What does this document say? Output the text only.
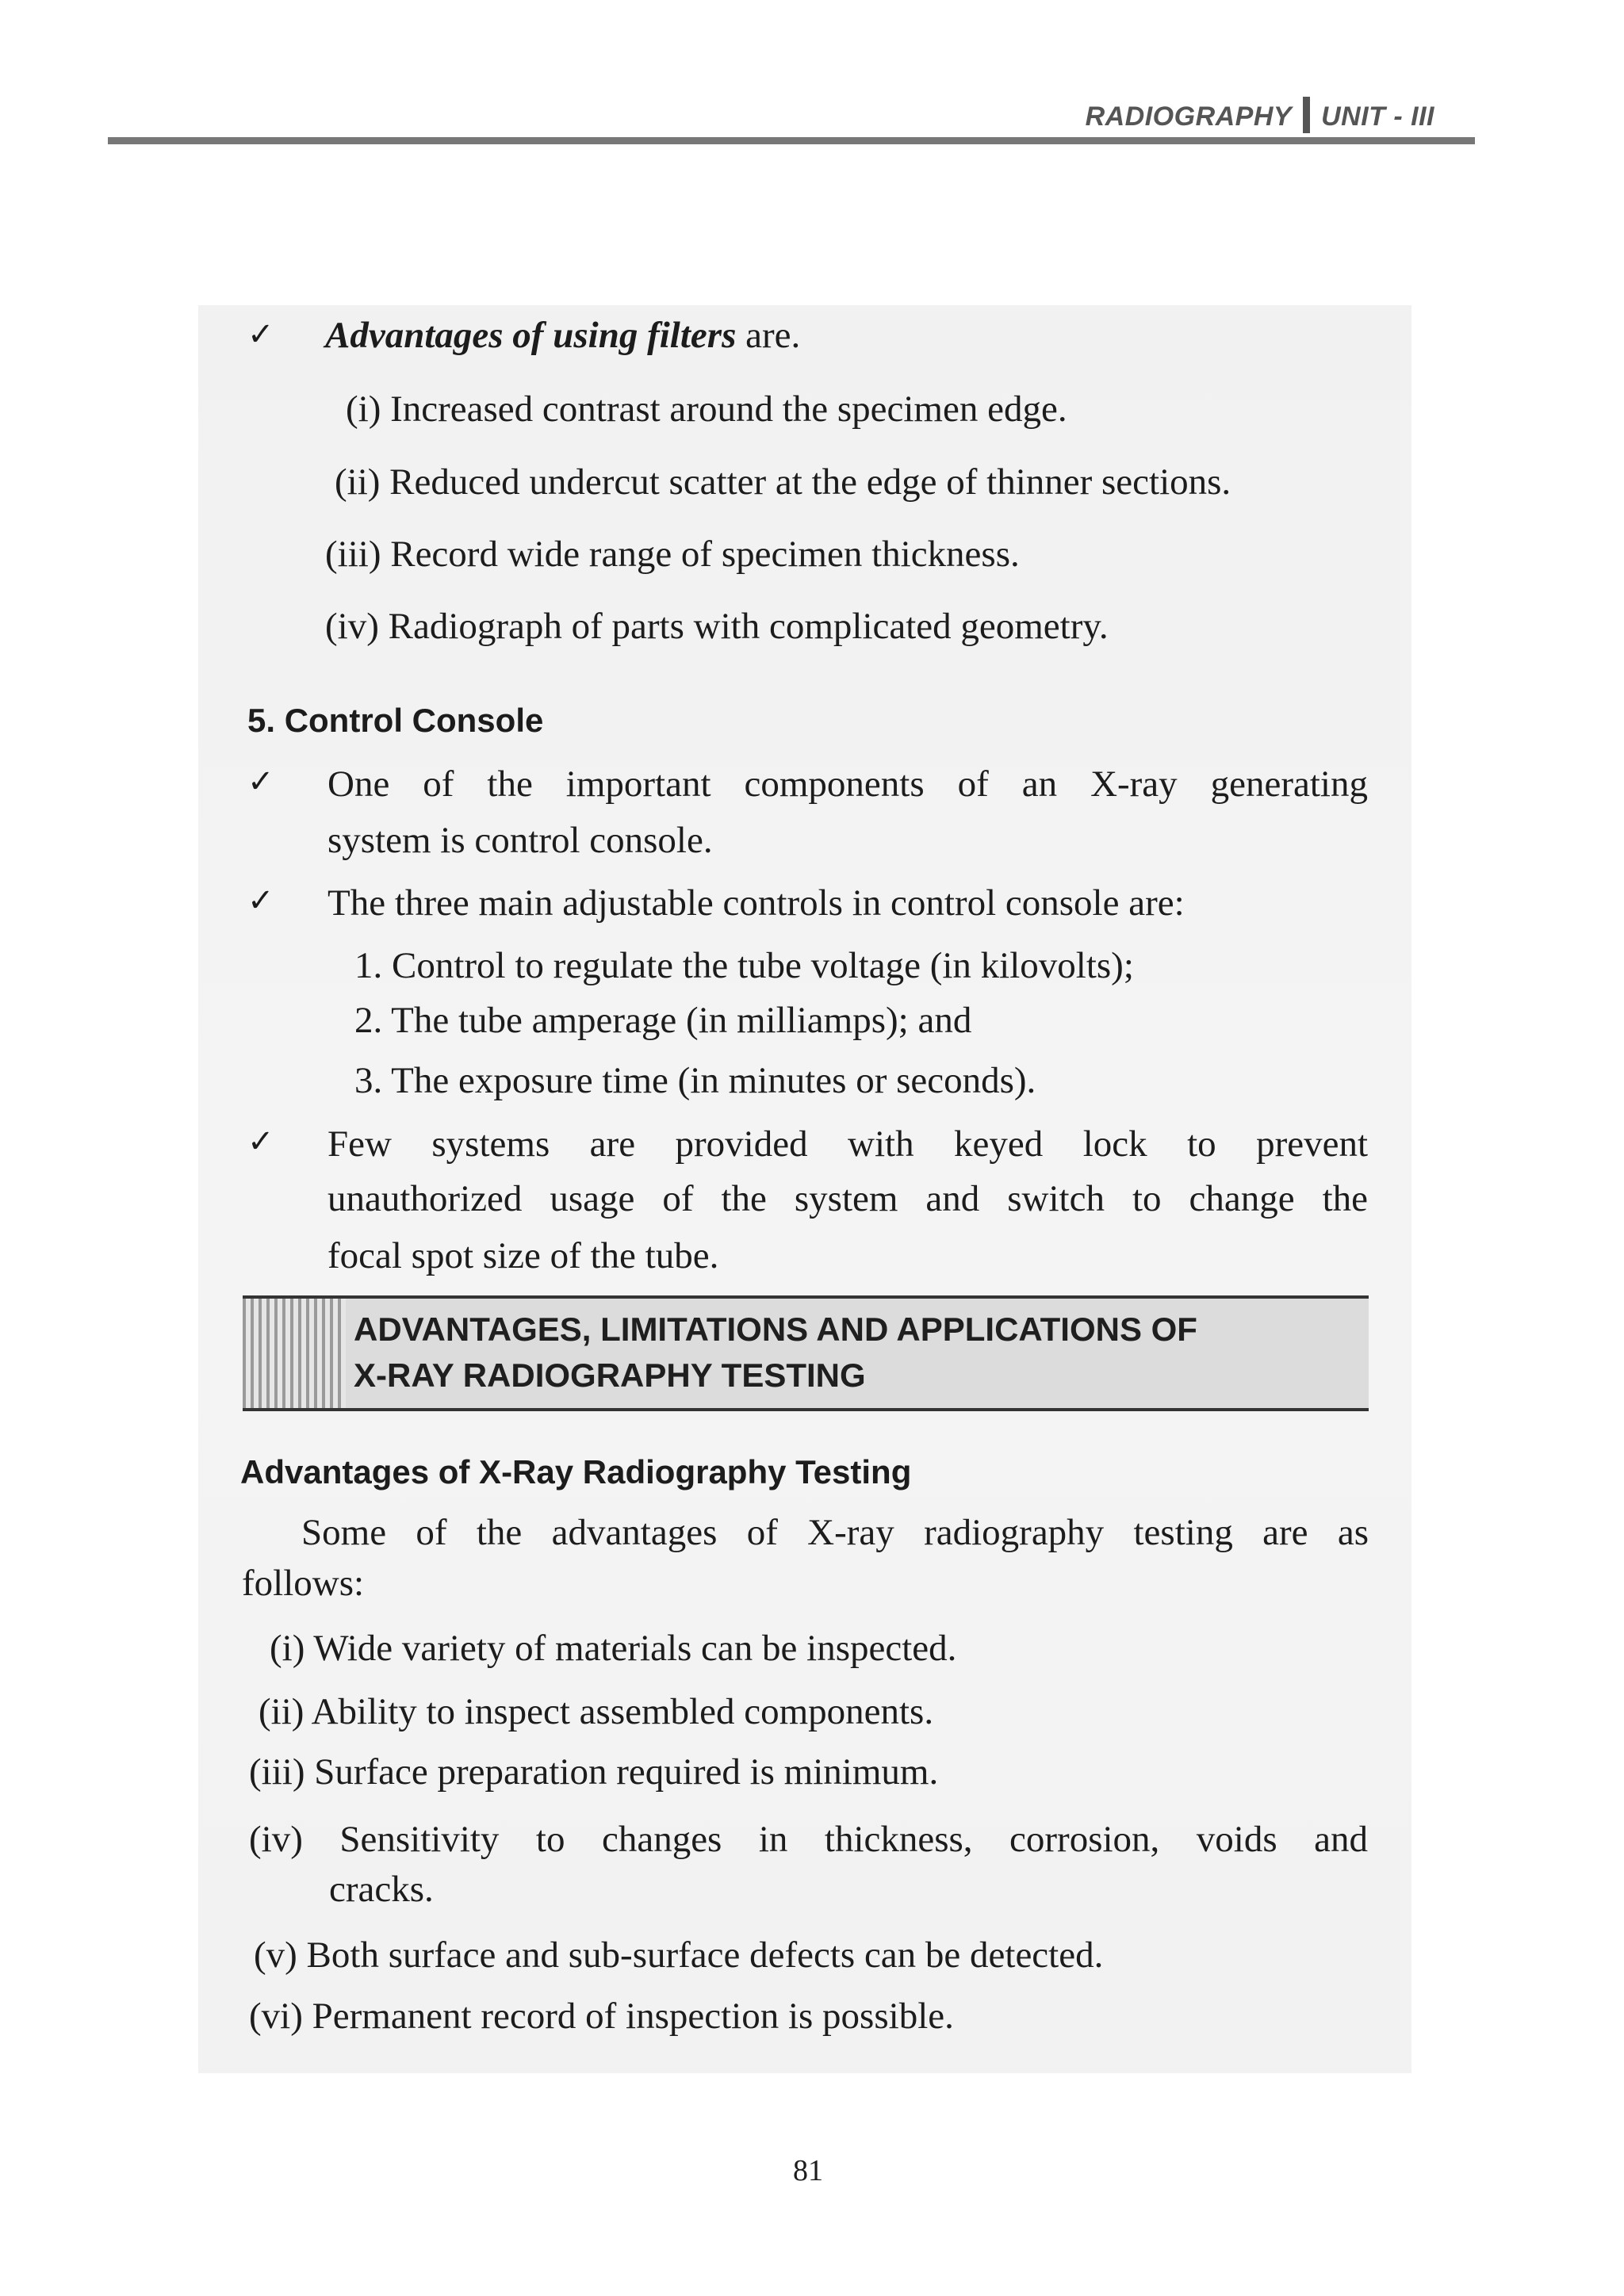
RADIOGRAPHY UNIT - III
✓ Advantages of using filters are.
(i) Increased contrast around the specimen edge.
(ii) Reduced undercut scatter at the edge of thinner sections.
(iii) Record wide range of specimen thickness.
(iv) Radiograph of parts with complicated geometry.
5. Control Console
✓ One of the important components of an X-ray generating
system is control console.
✓ The three main adjustable controls in control console are:
1. Control to regulate the tube voltage (in kilovolts);
2. The tube amperage (in milliamps); and
3. The exposure time (in minutes or seconds).
✓ Few systems are provided with keyed lock to prevent
unauthorized usage of the system and switch to change the
focal spot size of the tube.
ADVANTAGES, LIMITATIONS AND APPLICATIONS OF
X-RAY RADIOGRAPHY TESTING
Advantages of X-Ray Radiography Testing
Some of the advantages of X-ray radiography testing are as
follows:
(i) Wide variety of materials can be inspected.
(ii) Ability to inspect assembled components.
(iii) Surface preparation required is minimum.
(iv) Sensitivity to changes in thickness, corrosion, voids and
cracks.
(v) Both surface and sub-surface defects can be detected.
(vi) Permanent record of inspection is possible.
81
